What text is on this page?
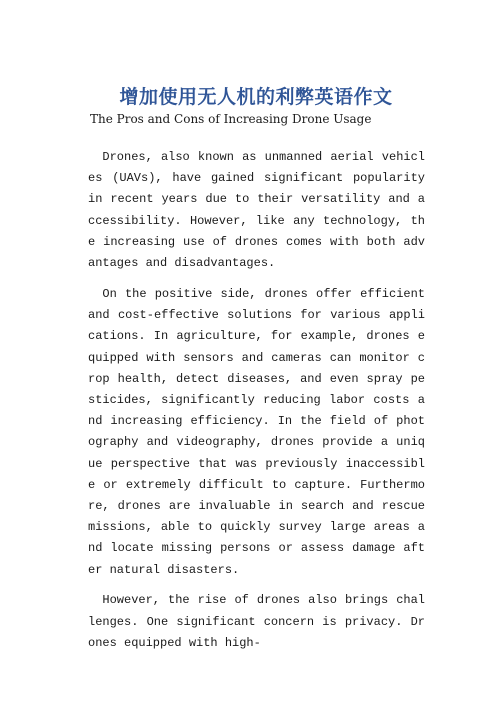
增加使用无人机的利弊英语作文
The Pros and Cons of Increasing Drone Usage

Drones, also known as unmanned aerial vehicles (UAVs), have gained significant popularity in recent years due to their versatility and accessibility. However, like any technology, the increasing use of drones comes with both advantages and disadvantages.

On the positive side, drones offer efficient and cost-effective solutions for various applications. In agriculture, for example, drones equipped with sensors and cameras can monitor crop health, detect diseases, and even spray pesticides, significantly reducing labor costs and increasing efficiency. In the field of photography and videography, drones provide a unique perspective that was previously inaccessible or extremely difficult to capture. Furthermore, drones are invaluable in search and rescue missions, able to quickly survey large areas and locate missing persons or assess damage after natural disasters.

However, the rise of drones also brings challenges. One significant concern is privacy. Drones equipped with high-
